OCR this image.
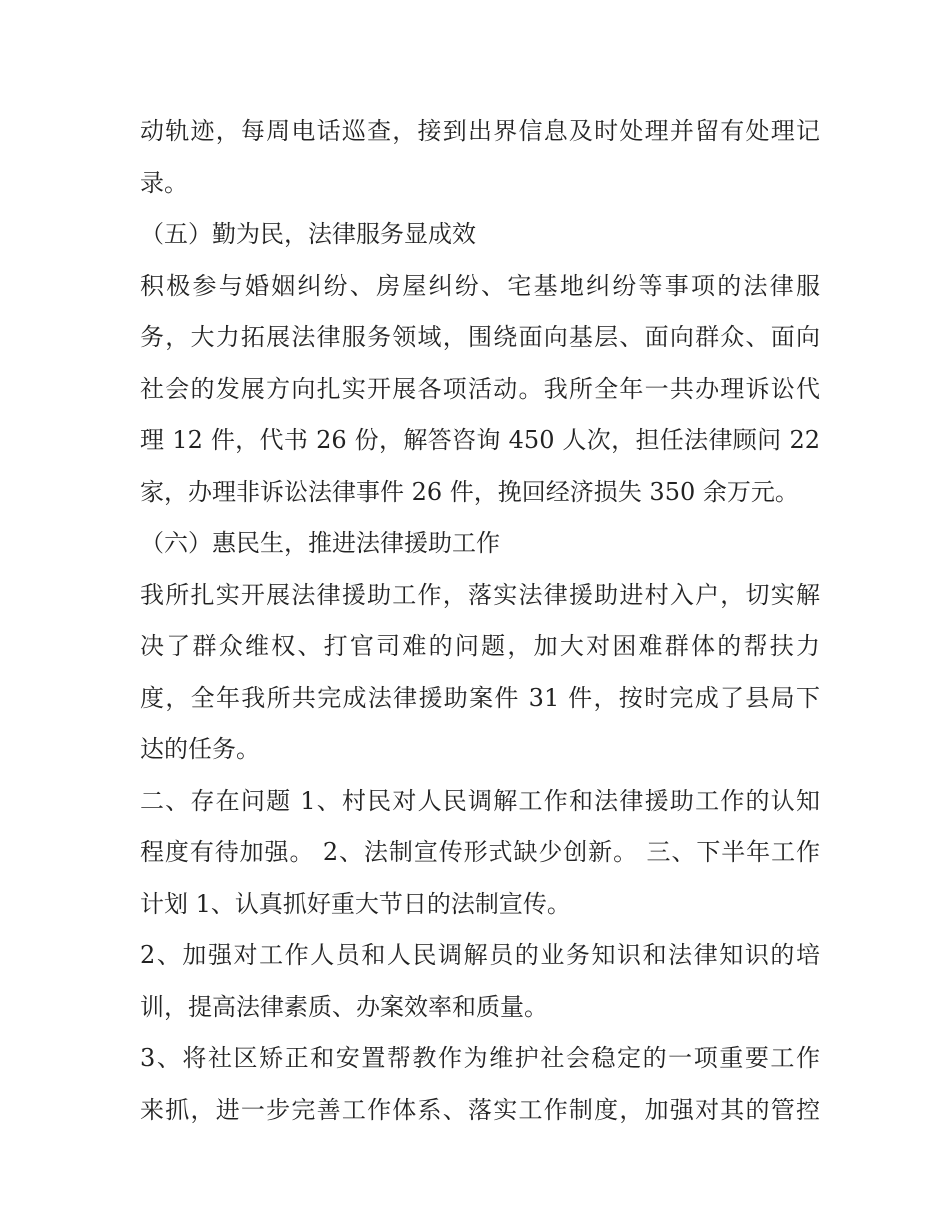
动轨迹，每周电话巡查，接到出界信息及时处理并留有处理记
录。
（五）勤为民，法律服务显成效
积极参与婚姻纠纷、房屋纠纷、宅基地纠纷等事项的法律服
务，大力拓展法律服务领域，围绕面向基层、面向群众、面向
社会的发展方向扎实开展各项活动。我所全年一共办理诉讼代
理 12 件，代书 26 份，解答咨询 450 人次，担任法律顾问 22
家，办理非诉讼法律事件 26 件，挽回经济损失 350 余万元。
（六）惠民生，推进法律援助工作
我所扎实开展法律援助工作，落实法律援助进村入户，切实解
决了群众维权、打官司难的问题，加大对困难群体的帮扶力
度，全年我所共完成法律援助案件 31 件，按时完成了县局下
达的任务。
二、存在问题 1、村民对人民调解工作和法律援助工作的认知
程度有待加强。 2、法制宣传形式缺少创新。 三、下半年工作
计划 1、认真抓好重大节日的法制宣传。
2、加强对工作人员和人民调解员的业务知识和法律知识的培
训，提高法律素质、办案效率和质量。
3、将社区矫正和安置帮教作为维护社会稳定的一项重要工作
来抓，进一步完善工作体系、落实工作制度，加强对其的管控
